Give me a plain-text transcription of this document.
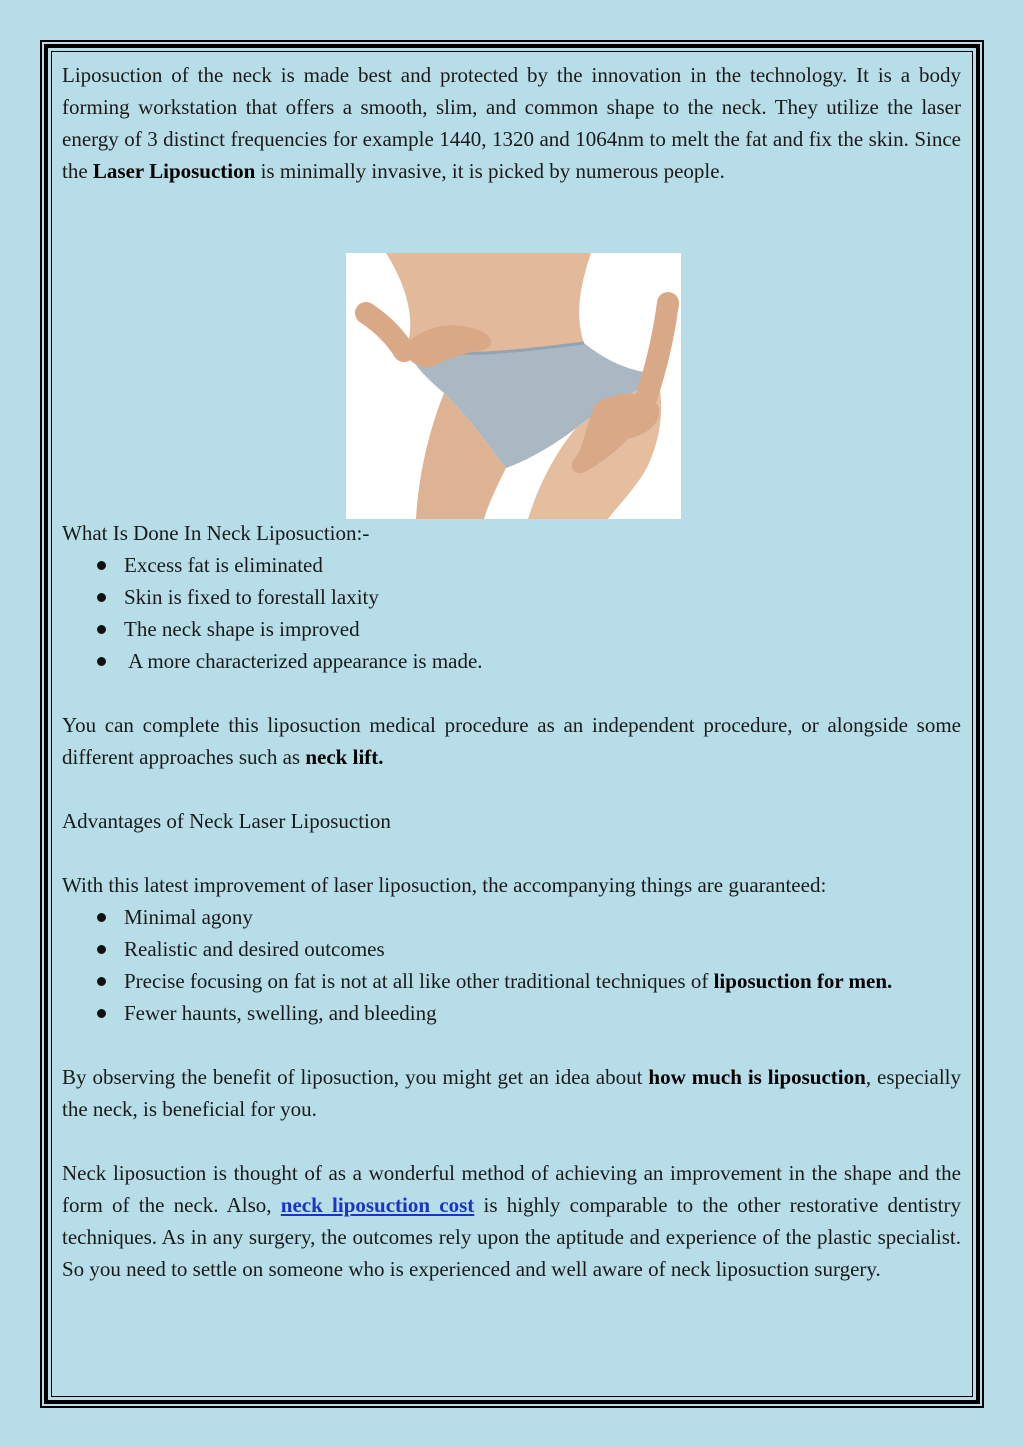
Liposuction of the neck is made best and protected by the innovation in the technology. It is a body forming workstation that offers a smooth, slim, and common shape to the neck. They utilize the laser energy of 3 distinct frequencies for example 1440, 1320 and 1064nm to melt the fat and fix the skin. Since the Laser Liposuction is minimally invasive, it is picked by numerous people.

What Is Done In Neck Liposuction:-

Excess fat is eliminated
Skin is fixed to forestall laxity
The neck shape is improved
A more characterized appearance is made.

You can complete this liposuction medical procedure as an independent procedure, or alongside some different approaches such as neck lift.

Advantages of Neck Laser Liposuction

With this latest improvement of laser liposuction, the accompanying things are guaranteed:

Minimal agony
Realistic and desired outcomes
Precise focusing on fat is not at all like other traditional techniques of liposuction for men.
Fewer haunts, swelling, and bleeding

By observing the benefit of liposuction, you might get an idea about how much is liposuction, especially the neck, is beneficial for you.

Neck liposuction is thought of as a wonderful method of achieving an improvement in the shape and the form of the neck. Also, neck liposuction cost is highly comparable to the other restorative dentistry techniques. As in any surgery, the outcomes rely upon the aptitude and experience of the plastic specialist. So you need to settle on someone who is experienced and well aware of neck liposuction surgery.
